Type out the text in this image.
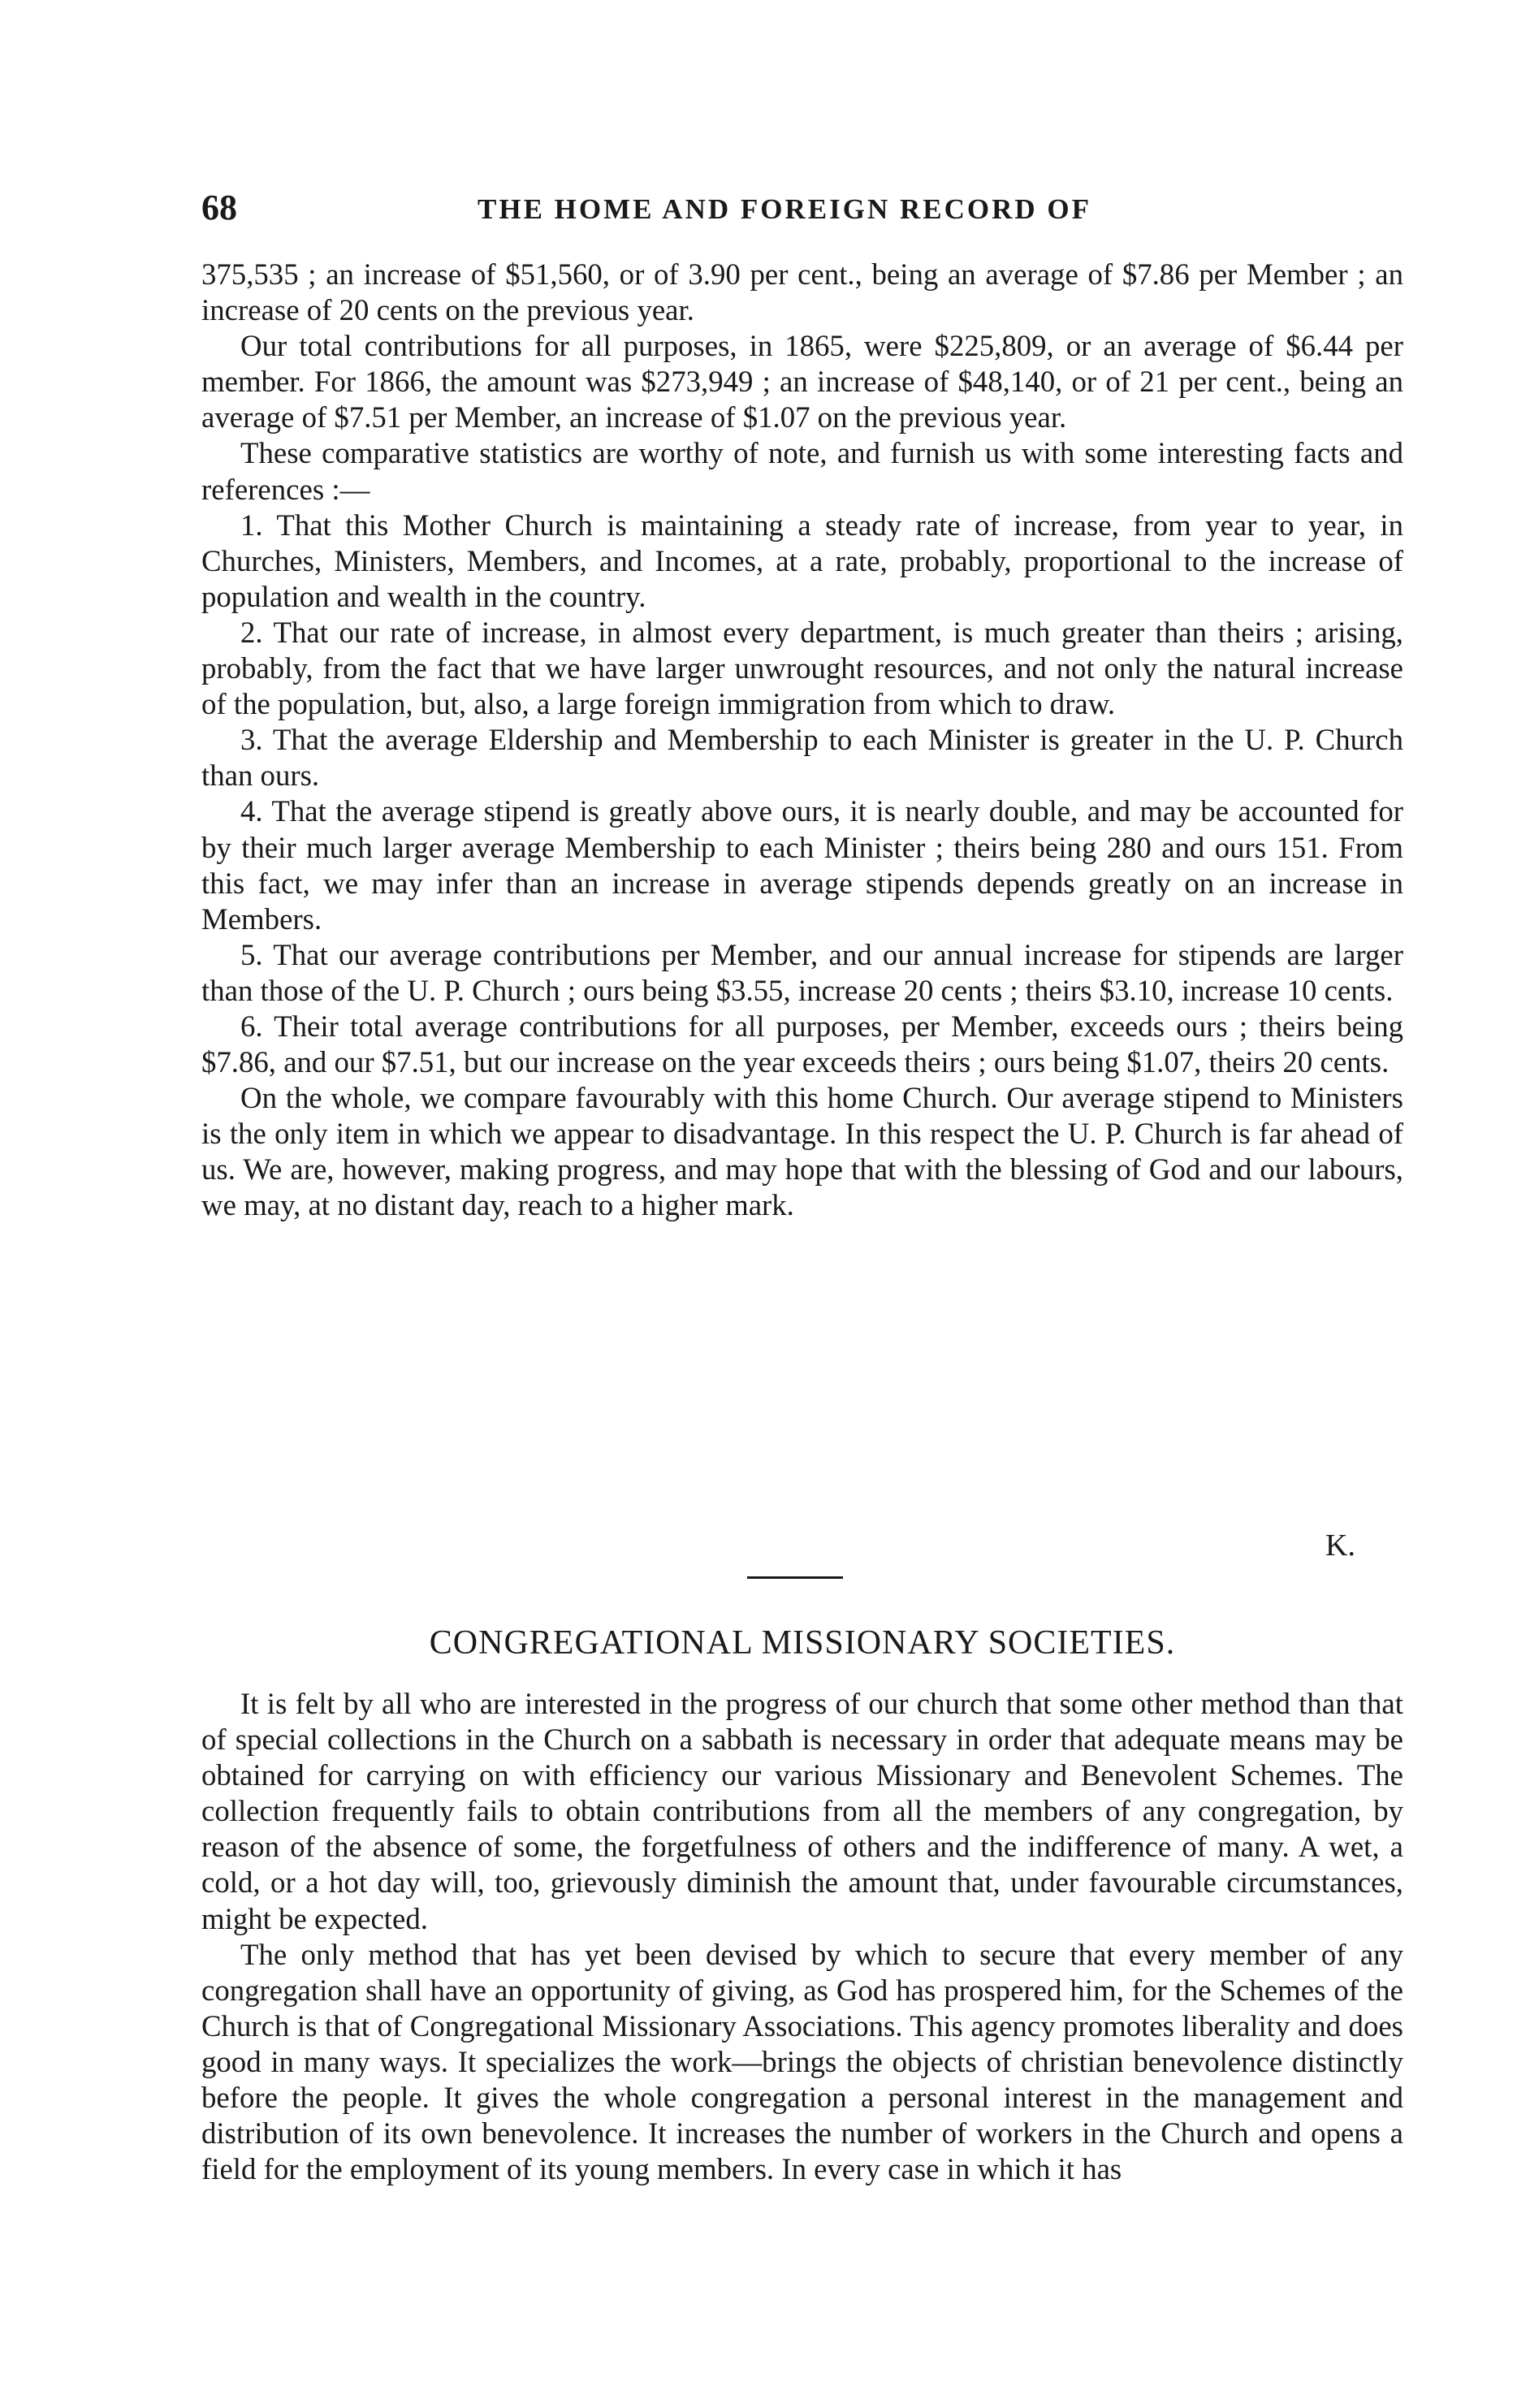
68	THE HOME AND FOREIGN RECORD OF

375,535 ; an increase of $51,560, or of 3.90 per cent., being an average of $7.86 per Member ; an increase of 20 cents on the previous year.

Our total contributions for all purposes, in 1865, were $225,809, or an average of $6.44 per member. For 1866, the amount was $273,949 ; an increase of $48,140, or of 21 per cent., being an average of $7.51 per Member, an increase of $1.07 on the previous year.

These comparative statistics are worthy of note, and furnish us with some interesting facts and references :—

1. That this Mother Church is maintaining a steady rate of increase, from year to year, in Churches, Ministers, Members, and Incomes, at a rate, probably, proportional to the increase of population and wealth in the country.

2. That our rate of increase, in almost every department, is much greater than theirs ; arising, probably, from the fact that we have larger unwrought resources, and not only the natural increase of the population, but, also, a large foreign immigration from which to draw.

3. That the average Eldership and Membership to each Minister is greater in the U. P. Church than ours.

4. That the average stipend is greatly above ours, it is nearly double, and may be accounted for by their much larger average Membership to each Minister ; theirs being 280 and ours 151. From this fact, we may infer than an increase in average stipends depends greatly on an increase in Members.

5. That our average contributions per Member, and our annual increase for stipends are larger than those of the U. P. Church ; ours being $3.55, increase 20 cents ; theirs $3.10, increase 10 cents.

6. Their total average contributions for all purposes, per Member, exceeds ours ; theirs being $7.86, and our $7.51, but our increase on the year exceeds theirs ; ours being $1.07, theirs 20 cents.

On the whole, we compare favourably with this home Church. Our average stipend to Ministers is the only item in which we appear to disadvantage. In this respect the U. P. Church is far ahead of us. We are, however, making progress, and may hope that with the blessing of God and our labours, we may, at no distant day, reach to a higher mark.

K.
CONGREGATIONAL MISSIONARY SOCIETIES.

It is felt by all who are interested in the progress of our church that some other method than that of special collections in the Church on a sabbath is necessary in order that adequate means may be obtained for carrying on with efficiency our various Missionary and Benevolent Schemes. The collection frequently fails to obtain contributions from all the members of any congregation, by reason of the absence of some, the forgetfulness of others and the indifference of many. A wet, a cold, or a hot day will, too, grievously diminish the amount that, under favourable circumstances, might be expected.

The only method that has yet been devised by which to secure that every member of any congregation shall have an opportunity of giving, as God has prospered him, for the Schemes of the Church is that of Congregational Missionary Associations. This agency promotes liberality and does good in many ways. It specializes the work—brings the objects of christian benevolence distinctly before the people. It gives the whole congregation a personal interest in the management and distribution of its own benevolence. It increases the number of workers in the Church and opens a field for the employment of its young members. In every case in which it has
